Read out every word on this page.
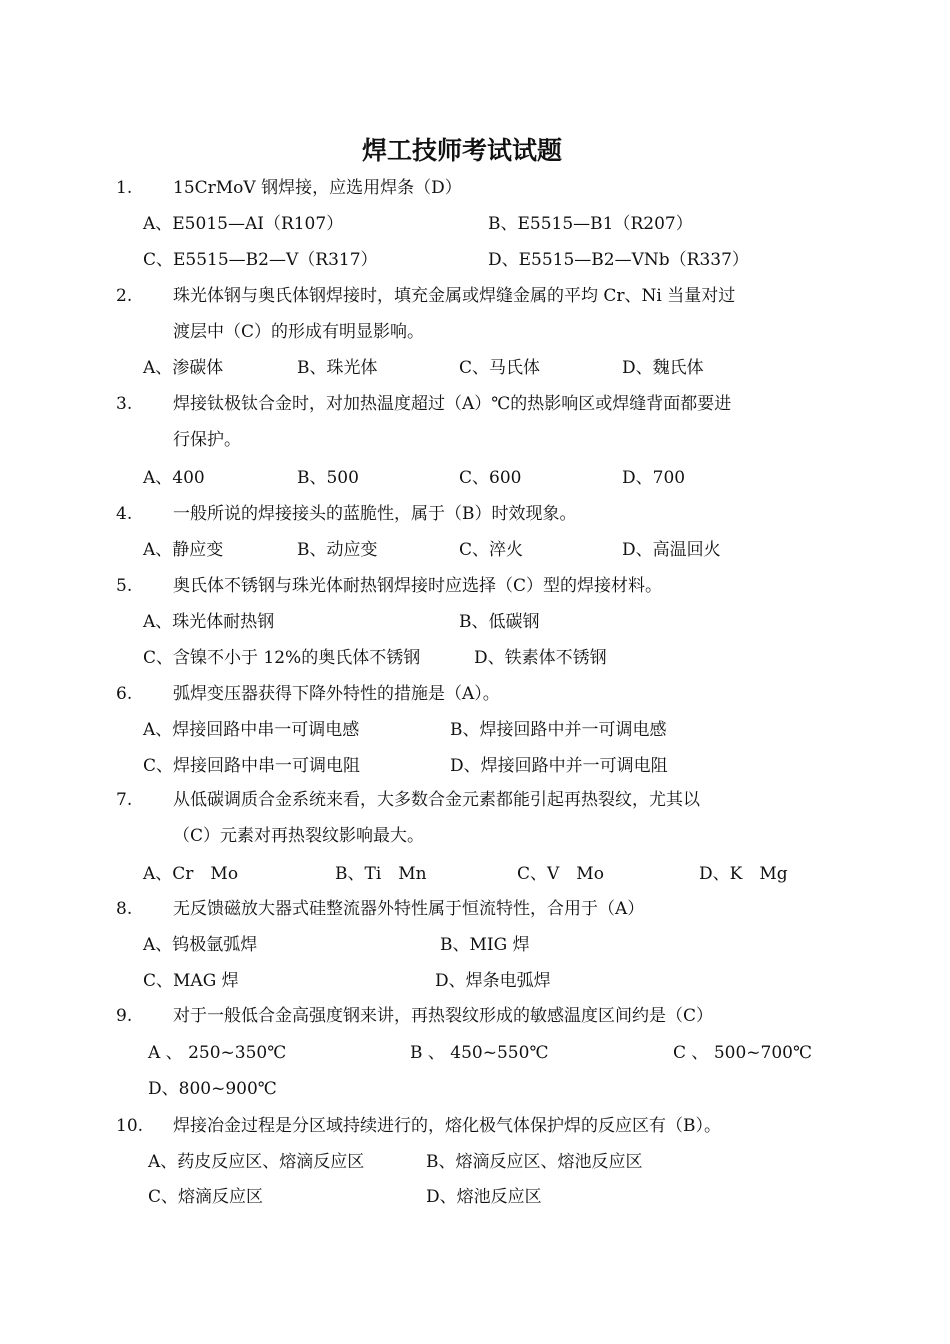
焊工技师考试试题
1. 15CrMoV 钢焊接，应选用焊条（D）
A、E5015—AI（R107）	B、E5515—B1（R207）
C、E5515—B2—V（R317）	D、E5515—B2—VNb（R337）
2. 珠光体钢与奥氏体钢焊接时，填充金属或焊缝金属的平均 Cr、Ni 当量对过
渡层中（C）的形成有明显影响。
A、渗碳体	B、珠光体	C、马氏体	D、魏氏体
3. 焊接钛极钛合金时，对加热温度超过（A）℃的热影响区或焊缝背面都要进
行保护。
A、400	B、500	C、600	D、700
4. 一般所说的焊接接头的蓝脆性，属于（B）时效现象。
A、静应变	B、动应变	C、淬火	D、高温回火
5. 奥氏体不锈钢与珠光体耐热钢焊接时应选择（C）型的焊接材料。
A、珠光体耐热钢	B、低碳钢
C、含镍不小于 12%的奥氏体不锈钢	D、铁素体不锈钢
6. 弧焊变压器获得下降外特性的措施是（A）。
A、焊接回路中串一可调电感	B、焊接回路中并一可调电感
C、焊接回路中串一可调电阻	D、焊接回路中并一可调电阻
7. 从低碳调质合金系统来看，大多数合金元素都能引起再热裂纹，尤其以
（C）元素对再热裂纹影响最大。
A、Cr　Mo	B、Ti　Mn	C、V　Mo	D、K　Mg
8. 无反馈磁放大器式硅整流器外特性属于恒流特性，合用于（A）
A、钨极氩弧焊	B、MIG 焊
C、MAG 焊	D、焊条电弧焊
9. 对于一般低合金高强度钢来讲，再热裂纹形成的敏感温度区间约是（C）
A 、 250~350℃	B 、 450~550℃	C 、 500~700℃
D、800~900℃
10. 焊接冶金过程是分区域持续进行的，熔化极气体保护焊的反应区有（B）。
A、药皮反应区、熔滴反应区	B、熔滴反应区、熔池反应区
C、熔滴反应区	D、熔池反应区
